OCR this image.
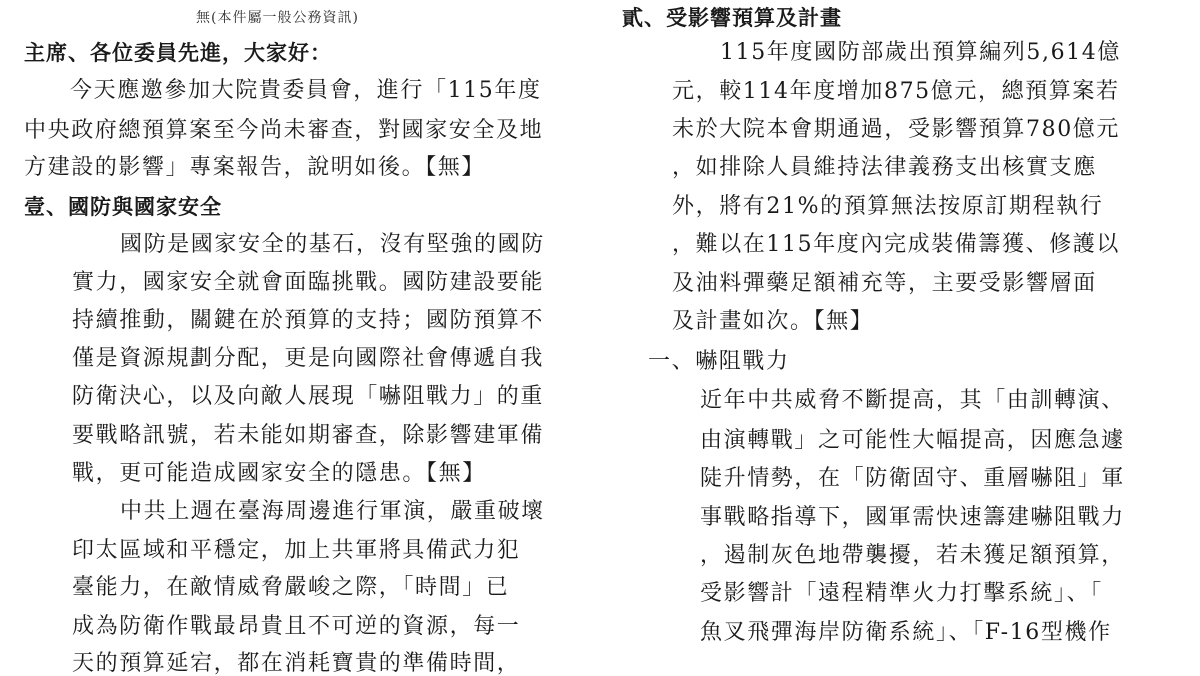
無(本件屬一般公務資訊)
主席、各位委員先進，大家好：
今天應邀參加大院貴委員會，進行「115年度
中央政府總預算案至今尚未審查，對國家安全及地
方建設的影響」專案報告，說明如後。【無】
壹、國防與國家安全
國防是國家安全的基石，沒有堅強的國防
實力，國家安全就會面臨挑戰。國防建設要能
持續推動，關鍵在於預算的支持；國防預算不
僅是資源規劃分配，更是向國際社會傳遞自我
防衛決心，以及向敵人展現「嚇阻戰力」的重
要戰略訊號，若未能如期審查，除影響建軍備
戰，更可能造成國家安全的隱患。【無】
中共上週在臺海周邊進行軍演，嚴重破壞
印太區域和平穩定，加上共軍將具備武力犯
臺能力，在敵情威脅嚴峻之際，「時間」已
成為防衛作戰最昂貴且不可逆的資源，每一
天的預算延宕，都在消耗寶貴的準備時間，
貳、受影響預算及計畫
115年度國防部歲出預算編列5,614億
元，較114年度增加875億元，總預算案若
未於大院本會期通過，受影響預算780億元
，如排除人員維持法律義務支出核實支應
外，將有21%的預算無法按原訂期程執行
，難以在115年度內完成裝備籌獲、修護以
及油料彈藥足額補充等，主要受影響層面
及計畫如次。【無】
一、嚇阻戰力
近年中共威脅不斷提高，其「由訓轉演、
由演轉戰」之可能性大幅提高，因應急遽
陡升情勢，在「防衛固守、重層嚇阻」軍
事戰略指導下，國軍需快速籌建嚇阻戰力
，遏制灰色地帶襲擾，若未獲足額預算，
受影響計「遠程精準火力打擊系統」、「
魚叉飛彈海岸防衛系統」、「F-16型機作
